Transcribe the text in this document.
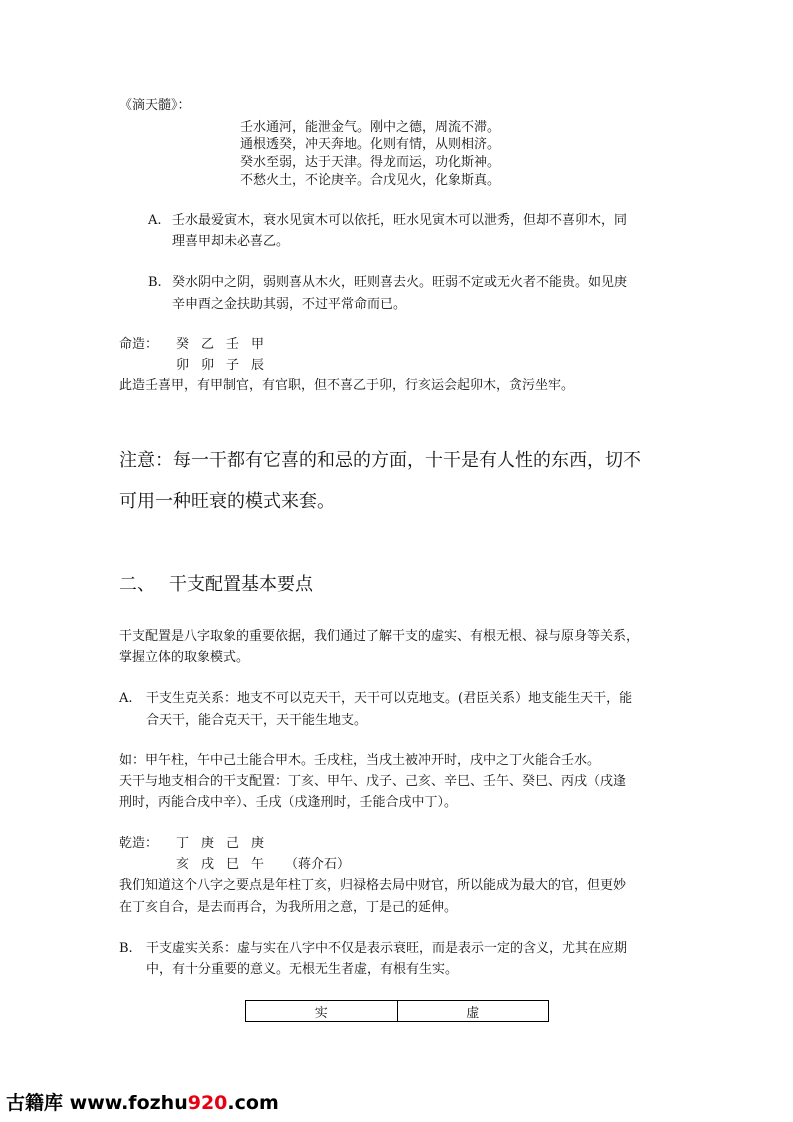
《滴天髓》：
壬水通河，能泄金气。刚中之德，周流不滞。
通根透癸，冲天奔地。化则有情，从则相济。
癸水至弱，达于天津。得龙而运，功化斯神。
不愁火土，不论庚辛。合戊见火，化象斯真。
A. 壬水最爱寅木，衰水见寅木可以依托，旺水见寅木可以泄秀，但却不喜卯木，同
理喜甲却未必喜乙。
B. 癸水阴中之阴，弱则喜从木火，旺则喜去火。旺弱不定或无火者不能贵。如见庚
辛申酉之金扶助其弱，不过平常命而已。
命造： 癸 乙 壬 甲
卯 卯 子 辰
此造壬喜甲，有甲制官，有官职，但不喜乙于卯，行亥运会起卯木，贪污坐牢。
注意：每一干都有它喜的和忌的方面，十干是有人性的东西，切不
可用一种旺衰的模式来套。
二、 干支配置基本要点
干支配置是八字取象的重要依据，我们通过了解干支的虚实、有根无根、禄与原身等关系，
掌握立体的取象模式。
A. 干支生克关系：地支不可以克天干，天干可以克地支。(君臣关系）地支能生天干，能
合天干，能合克天干，天干能生地支。
如：甲午柱，午中己土能合甲木。壬戌柱，当戌土被冲开时，戌中之丁火能合壬水。
天干与地支相合的干支配置：丁亥、甲午、戊子、己亥、辛巳、壬午、癸巳、丙戌（戌逢
刑时，丙能合戌中辛）、壬戌（戌逢刑时，壬能合戌中丁）。
乾造： 丁 庚 己 庚
亥 戌 巳 午	（蒋介石）
我们知道这个八字之要点是年柱丁亥，归禄格去局中财官，所以能成为最大的官，但更妙
在丁亥自合，是去而再合，为我所用之意，丁是己的延伸。
B. 干支虚实关系：虚与实在八字中不仅是表示衰旺，而是表示一定的含义，尤其在应期
中，有十分重要的意义。无根无生者虚，有根有生实。
实	虚
古籍库 www.fozhu920.com
